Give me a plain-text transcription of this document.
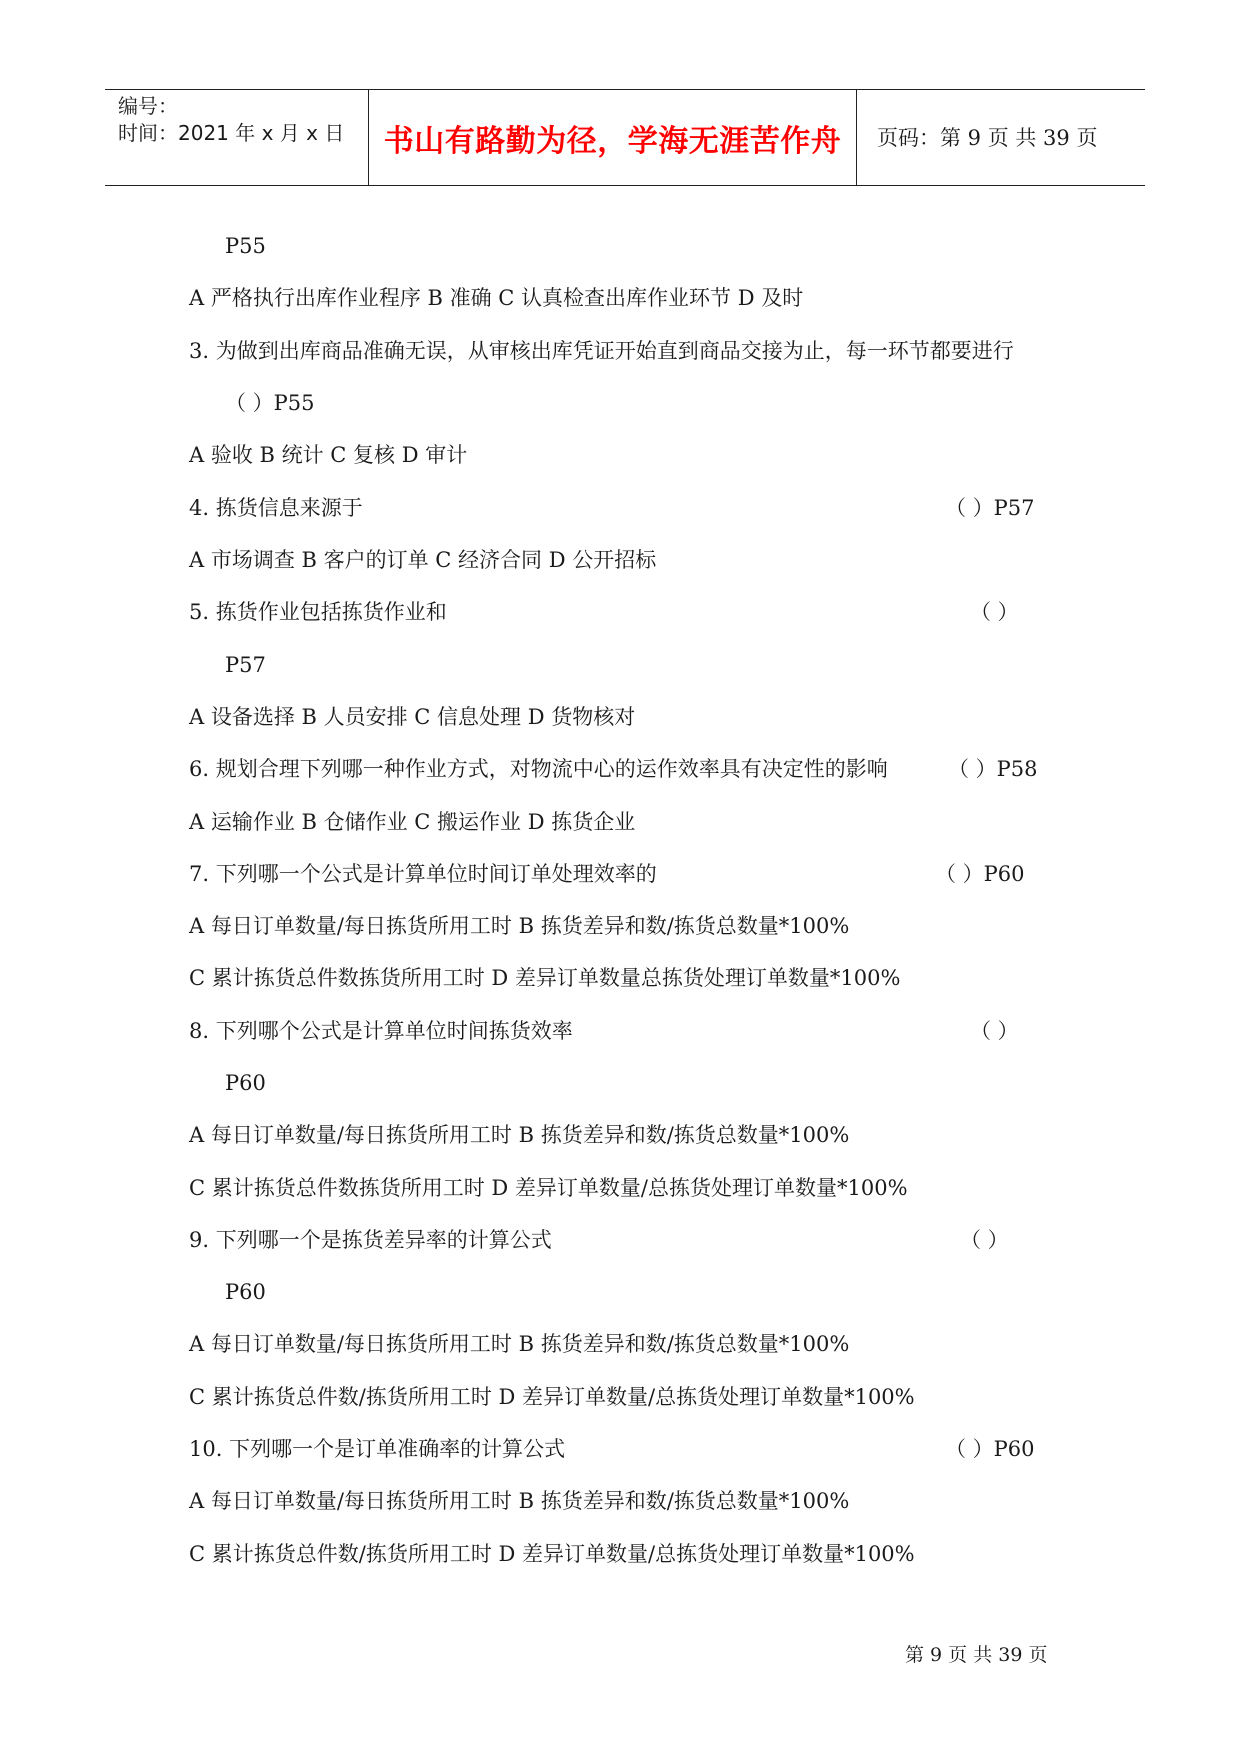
编号：
时间：2021 年 x 月 x 日	书山有路勤为径，学海无涯苦作舟	页码：第 9 页 共 39 页
P55
A 严格执行出库作业程序 B 准确 C 认真检查出库作业环节 D 及时
3. 为做到出库商品准确无误，从审核出库凭证开始直到商品交接为止，每一环节都要进行
（ ）P55
A 验收 B 统计 C 复核 D 审计
4. 拣货信息来源于	（ ）P57
A 市场调查 B 客户的订单 C 经济合同 D 公开招标
5. 拣货作业包括拣货作业和	（ ）
P57
A 设备选择 B 人员安排 C 信息处理 D 货物核对
6. 规划合理下列哪一种作业方式，对物流中心的运作效率具有决定性的影响	（ ）P58
A 运输作业 B 仓储作业 C 搬运作业 D 拣货企业
7. 下列哪一个公式是计算单位时间订单处理效率的	（ ）P60
A 每日订单数量/每日拣货所用工时 B 拣货差异和数/拣货总数量*100%
C 累计拣货总件数拣货所用工时 D 差异订单数量总拣货处理订单数量*100%
8. 下列哪个公式是计算单位时间拣货效率	（ ）
P60
A 每日订单数量/每日拣货所用工时 B 拣货差异和数/拣货总数量*100%
C 累计拣货总件数拣货所用工时 D 差异订单数量/总拣货处理订单数量*100%
9. 下列哪一个是拣货差异率的计算公式	（ ）
P60
A 每日订单数量/每日拣货所用工时 B 拣货差异和数/拣货总数量*100%
C 累计拣货总件数/拣货所用工时 D 差异订单数量/总拣货处理订单数量*100%
10. 下列哪一个是订单准确率的计算公式	（ ）P60
A 每日订单数量/每日拣货所用工时 B 拣货差异和数/拣货总数量*100%
C 累计拣货总件数/拣货所用工时 D 差异订单数量/总拣货处理订单数量*100%
第 9 页 共 39 页
